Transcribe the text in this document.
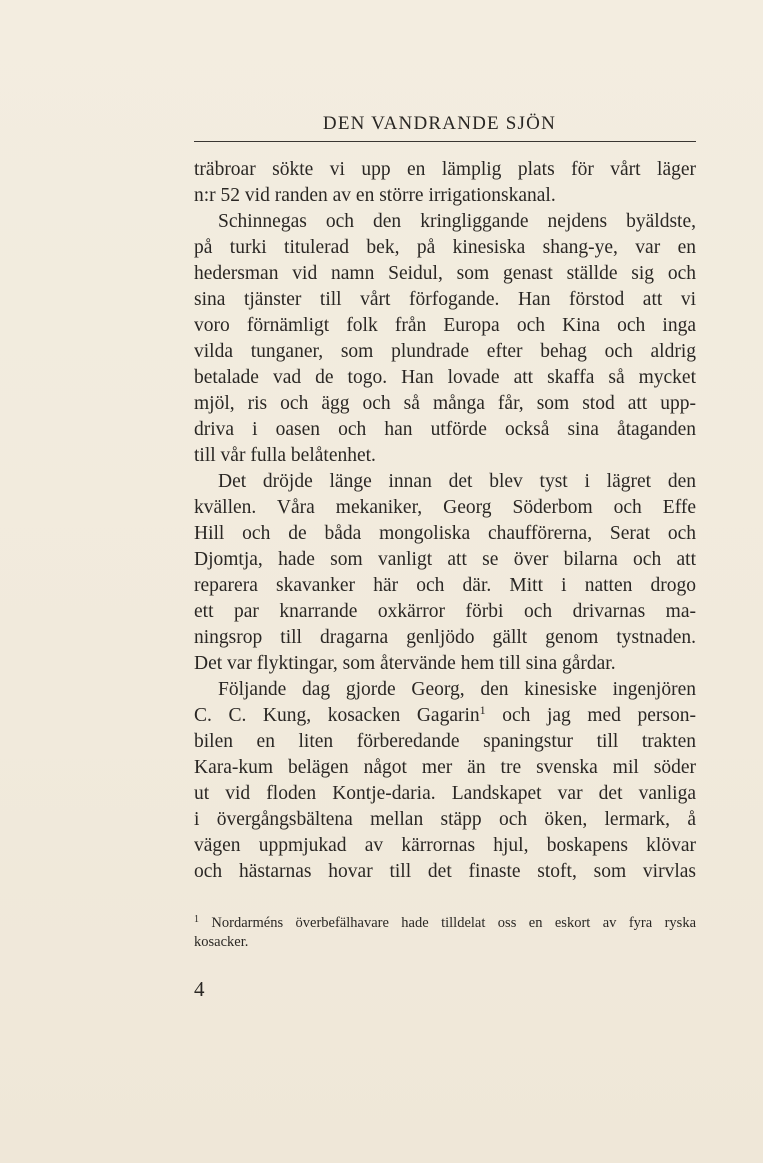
DEN VANDRANDE SJÖN
träbroar sökte vi upp en lämplig plats för vårt läger
n:r 52 vid randen av en större irrigationskanal.
Schinnegas och den kringliggande nejdens byäldste,
på turki titulerad bek, på kinesiska shang-ye, var en
hedersman vid namn Seidul, som genast ställde sig och
sina tjänster till vårt förfogande. Han förstod att vi
voro förnämligt folk från Europa och Kina och inga
vilda tunganer, som plundrade efter behag och aldrig
betalade vad de togo. Han lovade att skaffa så mycket
mjöl, ris och ägg och så många får, som stod att upp-
driva i oasen och han utförde också sina åtaganden
till vår fulla belåtenhet.
Det dröjde länge innan det blev tyst i lägret den
kvällen. Våra mekaniker, Georg Söderbom och Effe
Hill och de båda mongoliska chaufförerna, Serat och
Djomtja, hade som vanligt att se över bilarna och att
reparera skavanker här och där. Mitt i natten drogo
ett par knarrande oxkärror förbi och drivarnas ma-
ningsrop till dragarna genljödo gällt genom tystnaden.
Det var flyktingar, som återvände hem till sina gårdar.
Följande dag gjorde Georg, den kinesiske ingenjören
C. C. Kung, kosacken Gagarin$^1$ och jag med person-
bilen en liten förberedande spaningstur till trakten
Kara-kum belägen något mer än tre svenska mil söder
ut vid floden Kontje-daria. Landskapet var det vanliga
i övergångsbältena mellan stäpp och öken, lermark, å
vägen uppmjukad av kärrornas hjul, boskapens klövar
och hästarnas hovar till det finaste stoft, som virvlas
$^1$ Nordarméns överbefälhavare hade tilldelat oss en eskort av fyra ryska
kosacker.
4
